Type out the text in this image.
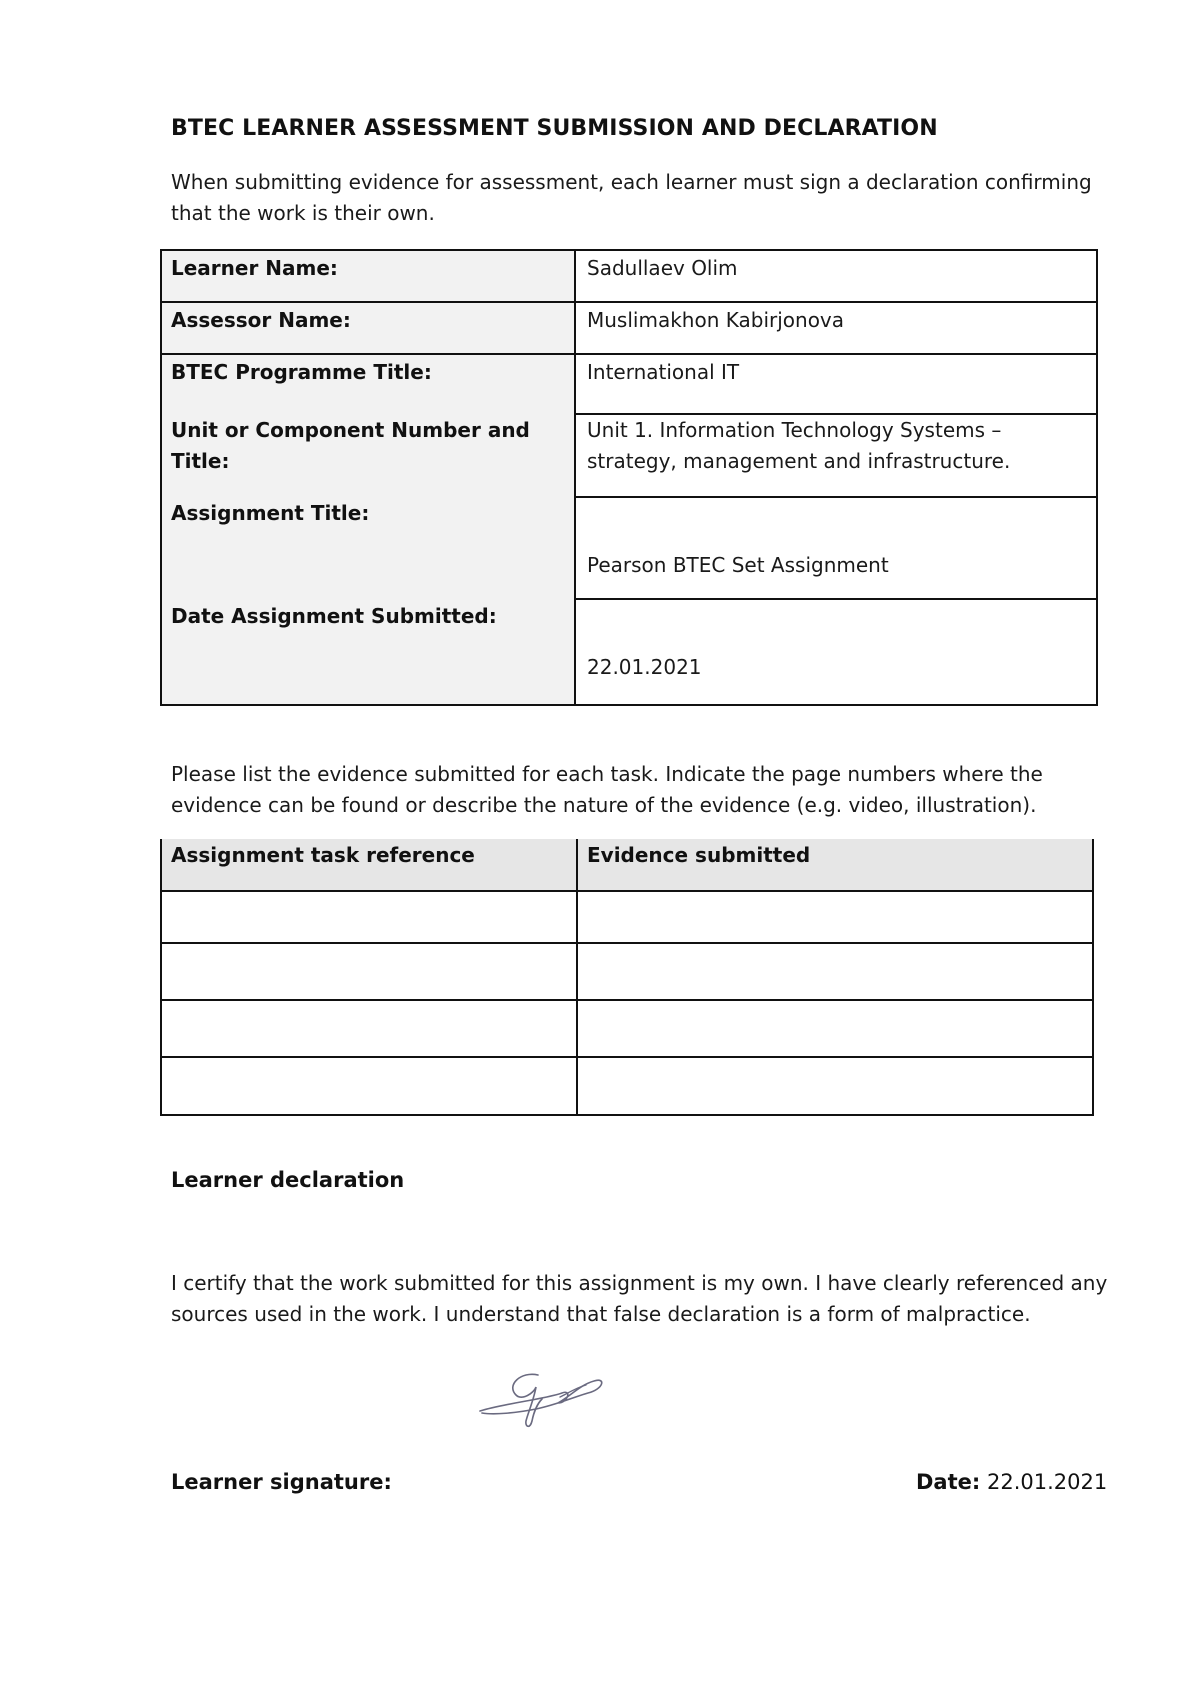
BTEC LEARNER ASSESSMENT SUBMISSION AND DECLARATION
When submitting evidence for assessment, each learner must sign a declaration confirming that the work is their own.
Learner Name:	Sadullaev Olim
Assessor Name:	Muslimakhon Kabirjonova
BTEC Programme Title:	International IT
Unit or Component Number and Title:
Unit 1. Information Technology Systems – strategy, management and infrastructure.
Assignment Title:
Pearson BTEC Set Assignment
Date Assignment Submitted:
22.01.2021
Please list the evidence submitted for each task. Indicate the page numbers where the evidence can be found or describe the nature of the evidence (e.g. video, illustration).
Assignment task reference	Evidence submitted
Learner declaration
I certify that the work submitted for this assignment is my own. I have clearly referenced any sources used in the work. I understand that false declaration is a form of malpractice.
Learner signature:	Date: 22.01.2021
